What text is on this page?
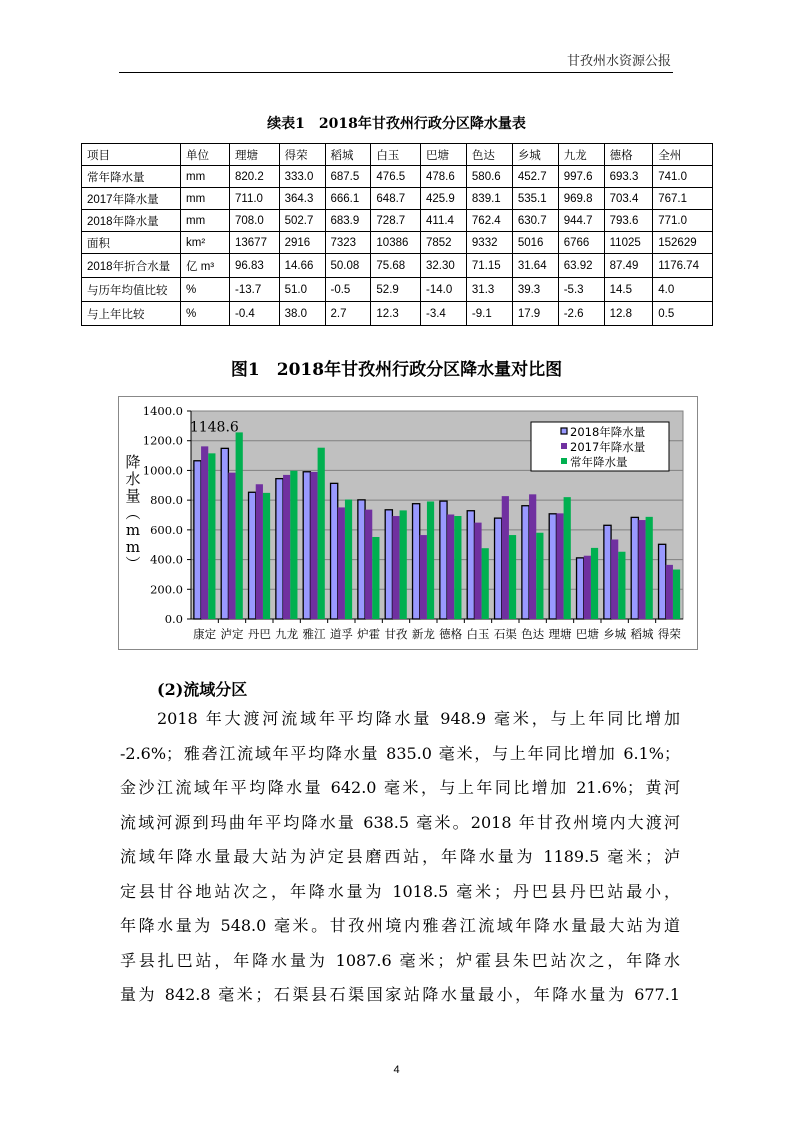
甘孜州水资源公报
续表1　2018年甘孜州行政分区降水量表
项目	单位	理塘	得荣	稻城	白玉	巴塘	色达	乡城	九龙	德格	全州
常年降水量	mm	820.2	333.0	687.5	476.5	478.6	580.6	452.7	997.6	693.3	741.0
2017年降水量	mm	711.0	364.3	666.1	648.7	425.9	839.1	535.1	969.8	703.4	767.1
2018年降水量	mm	708.0	502.7	683.9	728.7	411.4	762.4	630.7	944.7	793.6	771.0
面积	km²	13677	2916	7323	10386	7852	9332	5016	6766	11025	152629
2018年折合水量	亿 m³	96.83	14.66	50.08	75.68	32.30	71.15	31.64	63.92	87.49	1176.74
与历年均值比较	%	-13.7	51.0	-0.5	52.9	-14.0	31.3	39.3	-5.3	14.5	4.0
与上年比较	%	-0.4	38.0	2.7	12.3	-3.4	-9.1	17.9	-2.6	12.8	0.5
图1　2018年甘孜州行政分区降水量对比图
0.0
200.0
400.0
600.0
800.0
1000.0
1200.0
1400.0
降
水
量
︵
m
m
︶
康定 泸定 丹巴 九龙 雅江 道孚 炉霍 甘孜 新龙 德格 白玉 石渠 色达 理塘 巴塘 乡城 稻城 得荣
1148.6	2018年降水量
2017年降水量
常年降水量
(2)流域分区
2018 年大渡河流域年平均降水量 948.9 毫米，与上年同比增加
-2.6%；雅砻江流域年平均降水量 835.0 毫米，与上年同比增加 6.1%；
金沙江流域年平均降水量 642.0 毫米，与上年同比增加 21.6%；黄河
流域河源到玛曲年平均降水量 638.5 毫米。2018 年甘孜州境内大渡河
流域年降水量最大站为泸定县磨西站，年降水量为 1189.5 毫米；泸
定县甘谷地站次之，年降水量为 1018.5 毫米；丹巴县丹巴站最小，
年降水量为 548.0 毫米。甘孜州境内雅砻江流域年降水量最大站为道
孚县扎巴站，年降水量为 1087.6 毫米；炉霍县朱巴站次之，年降水
量为 842.8 毫米；石渠县石渠国家站降水量最小，年降水量为 677.1
4
